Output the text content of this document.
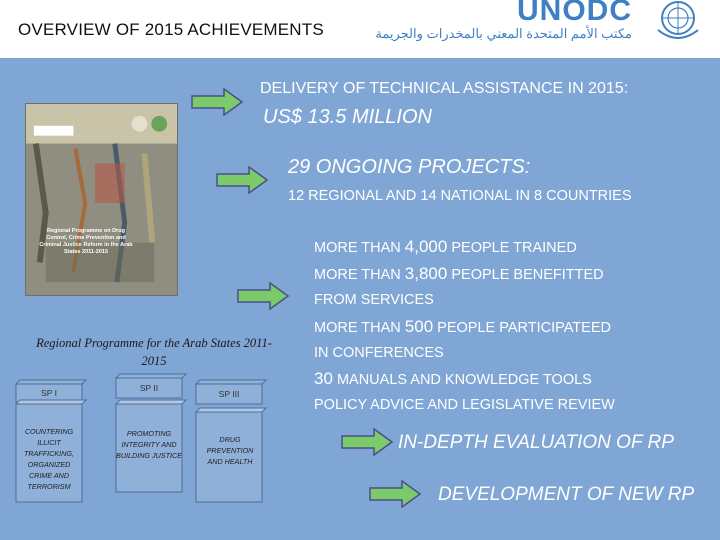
OVERVIEW OF 2015 ACHIEVEMENTS
UNODC
مكتب الأمم المتحدة المعني بالمخدرات والجريمة
DELIVERY OF TECHNICAL ASSISTANCE IN 2015:
US$ 13.5 MILLION
29 ONGOING PROJECTS:
12 REGIONAL AND 14 NATIONAL IN 8 COUNTRIES
MORE THAN 4,000 PEOPLE TRAINED
MORE THAN 3,800 PEOPLE BENEFITTED
FROM SERVICES
MORE THAN 500 PEOPLE PARTICIPATEED
IN CONFERENCES
30 MANUALS AND KNOWLEDGE TOOLS
POLICY ADVICE AND LEGISLATIVE REVIEW
IN-DEPTH EVALUATION OF RP
DEVELOPMENT OF NEW RP
Regional Programme on Drug Control, Crime Prevention and Criminal Justice Reform in the Arab States 2011-2015
Regional Programme for the Arab States 2011-2015
SP I	SP II
SP III
COUNTERING ILLICIT TRAFFICKING, ORGANIZED CRIME AND TERRORISM
PROMOTING INTEGRITY AND BUILDING JUSTICE
DRUG PREVENTION AND HEALTH
